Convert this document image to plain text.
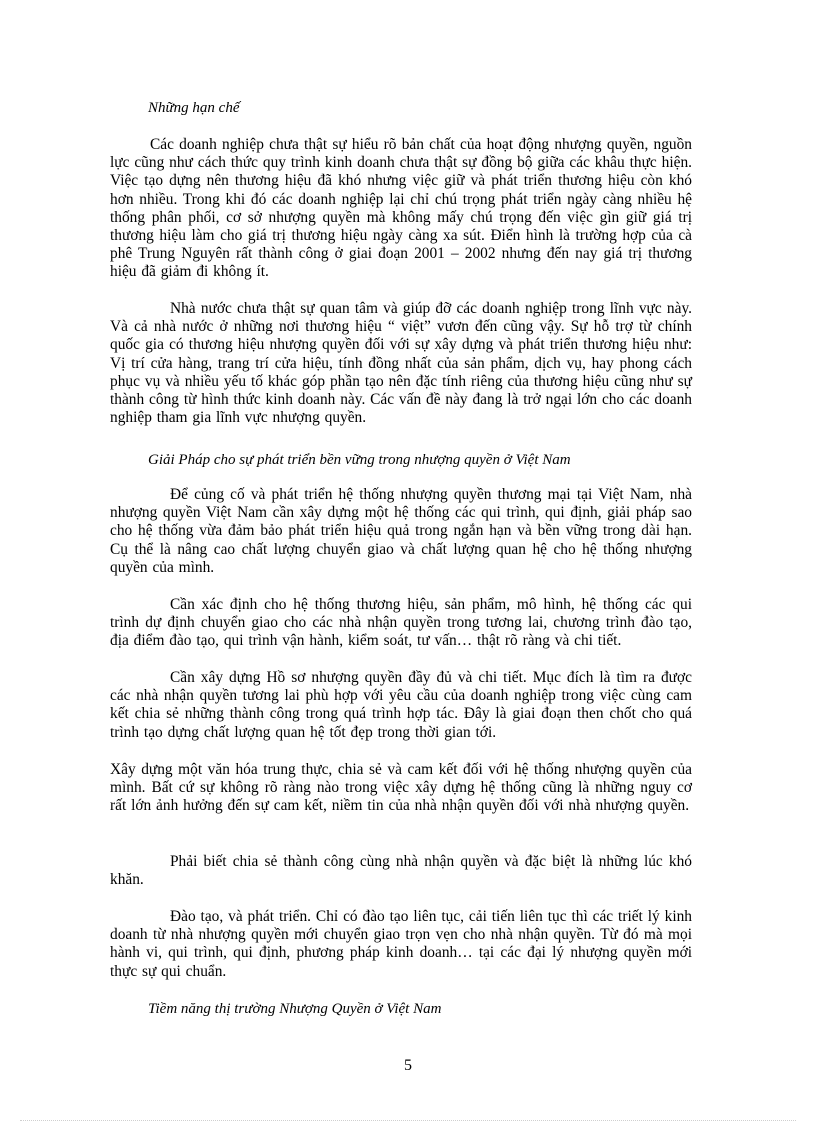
Những hạn chế

Các doanh nghiệp chưa thật sự hiểu rõ bản chất của hoạt động nhượng quyền, nguồn lực cũng như cách thức quy trình kinh doanh chưa thật sự đồng bộ giữa các khâu thực hiện. Việc tạo dựng nên thương hiệu đã khó nhưng việc giữ và phát triển thương hiệu còn khó hơn nhiều. Trong khi đó các doanh nghiệp lại chỉ chú trọng phát triển ngày càng nhiều hệ thống phân phối, cơ sở nhượng quyền mà không mấy chú trọng đến việc gìn giữ giá trị thương hiệu làm cho giá trị thương hiệu ngày càng xa sút. Điển hình là trường hợp của cà phê Trung Nguyên rất thành công ở giai đoạn 2001 – 2002 nhưng đến nay giá trị thương hiệu đã giảm đi không ít.

Nhà nước chưa thật sự quan tâm và giúp đỡ các doanh nghiệp trong lĩnh vực này. Và cả nhà nước ở những nơi thương hiệu “ việt” vươn đến cũng vậy. Sự hỗ trợ từ chính quốc gia có thương hiệu nhượng quyền đối với sự xây dựng và phát triển thương hiệu như: Vị trí cửa hàng, trang trí cửa hiệu, tính đồng nhất của sản phẩm, dịch vụ, hay phong cách phục vụ và nhiều yếu tố khác góp phần tạo nên đặc tính riêng của thương hiệu cũng như sự thành công từ hình thức kinh doanh này. Các vấn đề này đang là trở ngại lớn cho các doanh nghiệp tham gia lĩnh vực nhượng quyền.

Giải Pháp cho sự phát triển bền vững trong nhượng quyền ở Việt Nam

Để củng cố và phát triển hệ thống nhượng quyền thương mại tại Việt Nam, nhà nhượng quyền Việt Nam cần xây dựng một hệ thống các qui trình, qui định, giải pháp sao cho hệ thống vừa đảm bảo phát triển hiệu quả trong ngắn hạn và bền vững trong dài hạn. Cụ thể là nâng cao chất lượng chuyển giao và chất lượng quan hệ cho hệ thống nhượng quyền của mình.

Cần xác định cho hệ thống thương hiệu, sản phẩm, mô hình, hệ thống các qui trình dự định chuyển giao cho các nhà nhận quyền trong tương lai, chương trình đào tạo, địa điểm đào tạo, qui trình vận hành, kiểm soát, tư vấn… thật rõ ràng và chi tiết.

Cần xây dựng Hồ sơ nhượng quyền đầy đủ và chi tiết. Mục đích là tìm ra được các nhà nhận quyền tương lai phù hợp với yêu cầu của doanh nghiệp trong việc cùng cam kết chia sẻ những thành công trong quá trình hợp tác. Đây là giai đoạn then chốt cho quá trình tạo dựng chất lượng quan hệ tốt đẹp trong thời gian tới.

Xây dựng một văn hóa trung thực, chia sẻ và cam kết đối với hệ thống nhượng quyền của mình. Bất cứ sự không rõ ràng nào trong việc xây dựng hệ thống cũng là những nguy cơ rất lớn ảnh hưởng đến sự cam kết, niềm tin của nhà nhận quyền đối với nhà nhượng quyền.

Phải biết chia sẻ thành công cùng nhà nhận quyền và đặc biệt là những lúc khó khăn.

Đào tạo, và phát triển. Chỉ có đào tạo liên tục, cải tiến liên tục thì các triết lý kinh doanh từ nhà nhượng quyền mới chuyển giao trọn vẹn cho nhà nhận quyền. Từ đó mà mọi hành vi, qui trình, qui định, phương pháp kinh doanh… tại các đại lý nhượng quyền mới thực sự qui chuẩn.

Tiềm năng thị trường Nhượng Quyền ở Việt Nam

5
